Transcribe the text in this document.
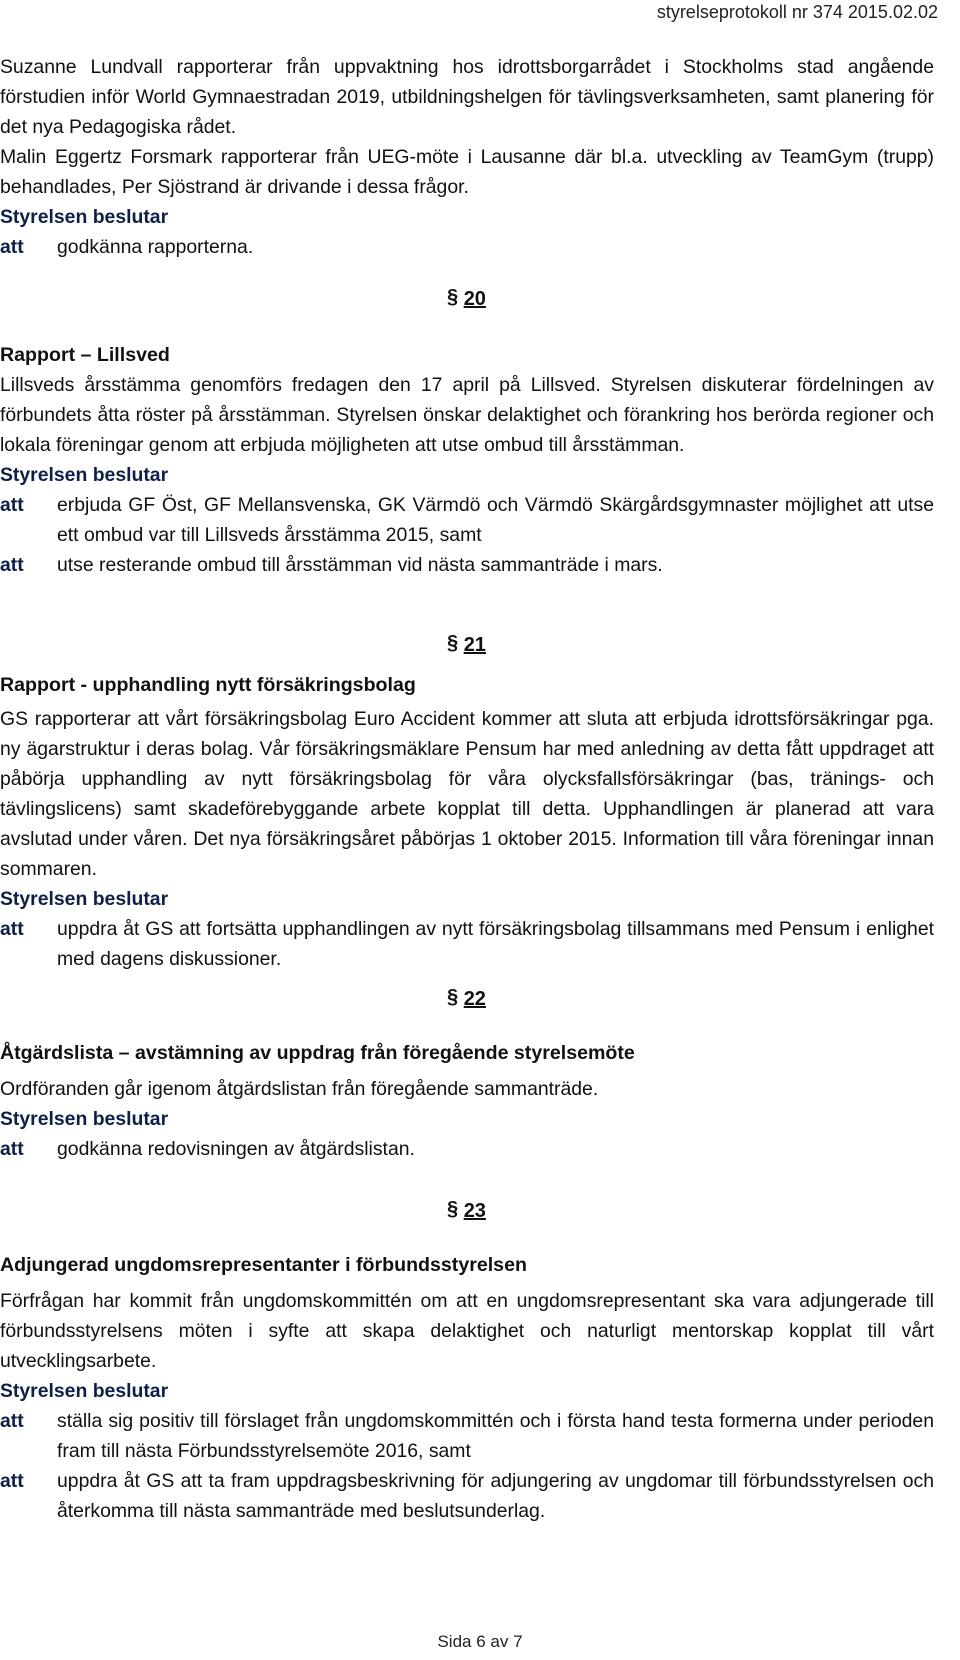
styrelseprotokoll nr 374 2015.02.02

Suzanne Lundvall rapporterar från uppvaktning hos idrottsborgarrådet i Stockholms stad angående förstudien inför World Gymnaestradan 2019, utbildningshelgen för tävlingsverksamheten, samt planering för det nya Pedagogiska rådet.

Malin Eggertz Forsmark rapporterar från UEG-möte i Lausanne där bl.a. utveckling av TeamGym (trupp) behandlades, Per Sjöstrand är drivande i dessa frågor.

Styrelsen beslutar
att	godkänna rapporterna.
§ 20
Rapport – Lillsved

Lillsveds årsstämma genomförs fredagen den 17 april på Lillsved. Styrelsen diskuterar fördelningen av förbundets åtta röster på årsstämman. Styrelsen önskar delaktighet och förankring hos berörda regioner och lokala föreningar genom att erbjuda möjligheten att utse ombud till årsstämman.

Styrelsen beslutar
att	erbjuda GF Öst, GF Mellansvenska, GK Värmdö och Värmdö Skärgårdsgymnaster möjlighet att utse ett ombud var till Lillsveds årsstämma 2015, samt
att	utse resterande ombud till årsstämman vid nästa sammanträde i mars.
§ 21
Rapport - upphandling nytt försäkringsbolag

GS rapporterar att vårt försäkringsbolag Euro Accident kommer att sluta att erbjuda idrottsförsäkringar pga. ny ägarstruktur i deras bolag. Vår försäkringsmäklare Pensum har med anledning av detta fått uppdraget att påbörja upphandling av nytt försäkringsbolag för våra olycksfallsförsäkringar (bas, tränings- och tävlingslicens) samt skadeförebyggande arbete kopplat till detta. Upphandlingen är planerad att vara avslutad under våren. Det nya försäkringsåret påbörjas 1 oktober 2015. Information till våra föreningar innan sommaren.

Styrelsen beslutar
att	uppdra åt GS att fortsätta upphandlingen av nytt försäkringsbolag tillsammans med Pensum i enlighet med dagens diskussioner.
§ 22
Åtgärdslista – avstämning av uppdrag från föregående styrelsemöte

Ordföranden går igenom åtgärdslistan från föregående sammanträde.

Styrelsen beslutar
att	godkänna redovisningen av åtgärdslistan.
§ 23
Adjungerad ungdomsrepresentanter i förbundsstyrelsen

Förfrågan har kommit från ungdomskommittén om att en ungdomsrepresentant ska vara adjungerade till förbundsstyrelsens möten i syfte att skapa delaktighet och naturligt mentorskap kopplat till vårt utvecklingsarbete.

Styrelsen beslutar
att	ställa sig positiv till förslaget från ungdomskommittén och i första hand testa formerna under perioden fram till nästa Förbundsstyrelsemöte 2016, samt
att	uppdra åt GS att ta fram uppdragsbeskrivning för adjungering av ungdomar till förbundsstyrelsen och återkomma till nästa sammanträde med beslutsunderlag.
Sida 6 av 7
